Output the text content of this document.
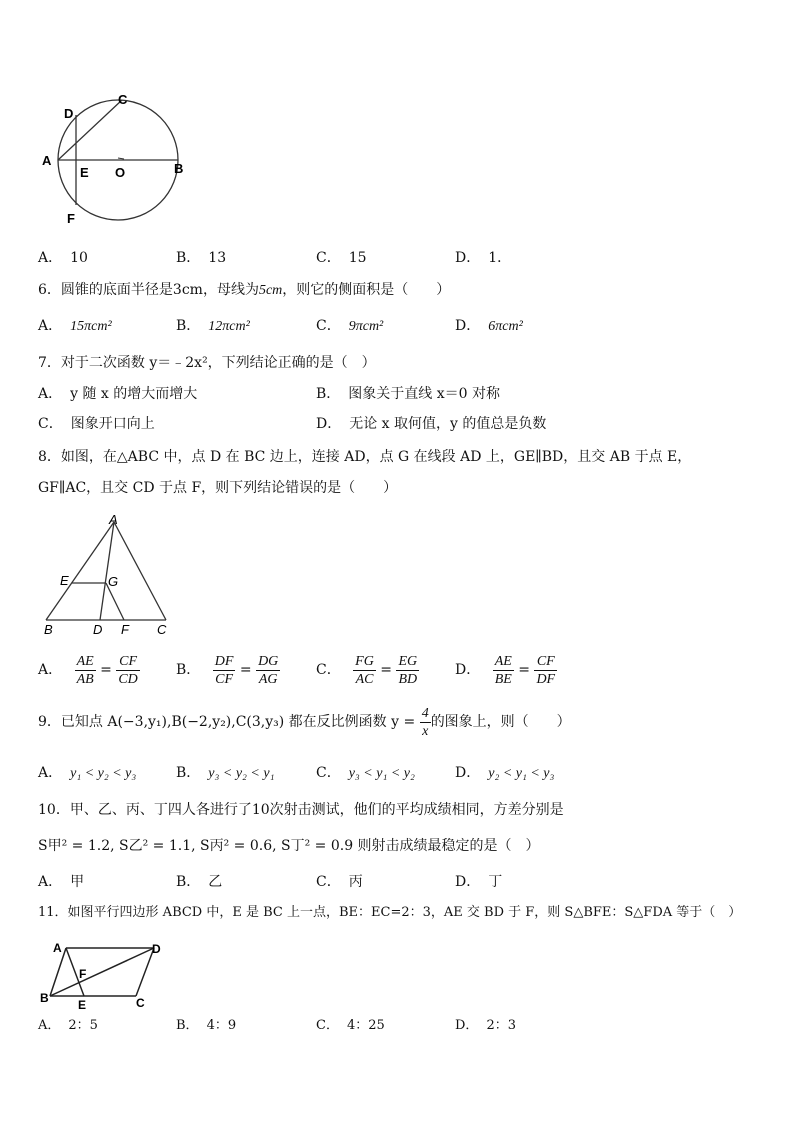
A
B
C
D
E
F
O
A． 10	B． 13	C． 15	D． 1．
6．圆锥的底面半径是3cm，母线为5cm，则它的侧面积是（　　）
A． 15πcm²	B． 12πcm²	C． 9πcm²	D． 6πcm²
7．对于二次函数 y＝﹣2x²，下列结论正确的是（　）
A． y 随 x 的增大而增大	B． 图象关于直线 x＝0 对称
C． 图象开口向上	D． 无论 x 取何值，y 的值总是负数
8．如图，在△ABC 中，点 D 在 BC 边上，连接 AD，点 G 在线段 AD 上，GE∥BD，且交 AB 于点 E，
GF∥AC，且交 CD 于点 F，则下列结论错误的是（　　）
A
B	C
D
E
F
G
A． $\frac{AE}{AB} = \frac{CF}{CD}$	B． $\frac{DF}{CF} = \frac{DG}{AG}$	C． $\frac{FG}{AC} = \frac{EG}{BD}$	D． $\frac{AE}{BE} = \frac{CF}{DF}$
9．已知点 A(−3,y₁),B(−2,y₂),C(3,y₃) 都在反比例函数 $y = \frac{4}{x}$ 的图象上，则（　　）
A． y₁ < y₂ < y₃	B． y₃ < y₂ < y₁	C． y₃ < y₁ < y₂	D． y₂ < y₁ < y₃
10．甲、乙、丙、丁四人各进行了10次射击测试，他们的平均成绩相同，方差分别是
S甲² = 1.2, S乙² = 1.1, S丙² = 0.6, S丁² = 0.9 则射击成绩最稳定的是（　）
A． 甲	B． 乙	C． 丙	D． 丁
11．如图平行四边形 ABCD 中，E 是 BC 上一点，BE：EC=2：3，AE 交 BD 于 F，则 S△BFE：S△FDA 等于（　）
A
B	C
D
E
F
A． 2：5	B． 4：9	C． 4：25	D． 2：3
